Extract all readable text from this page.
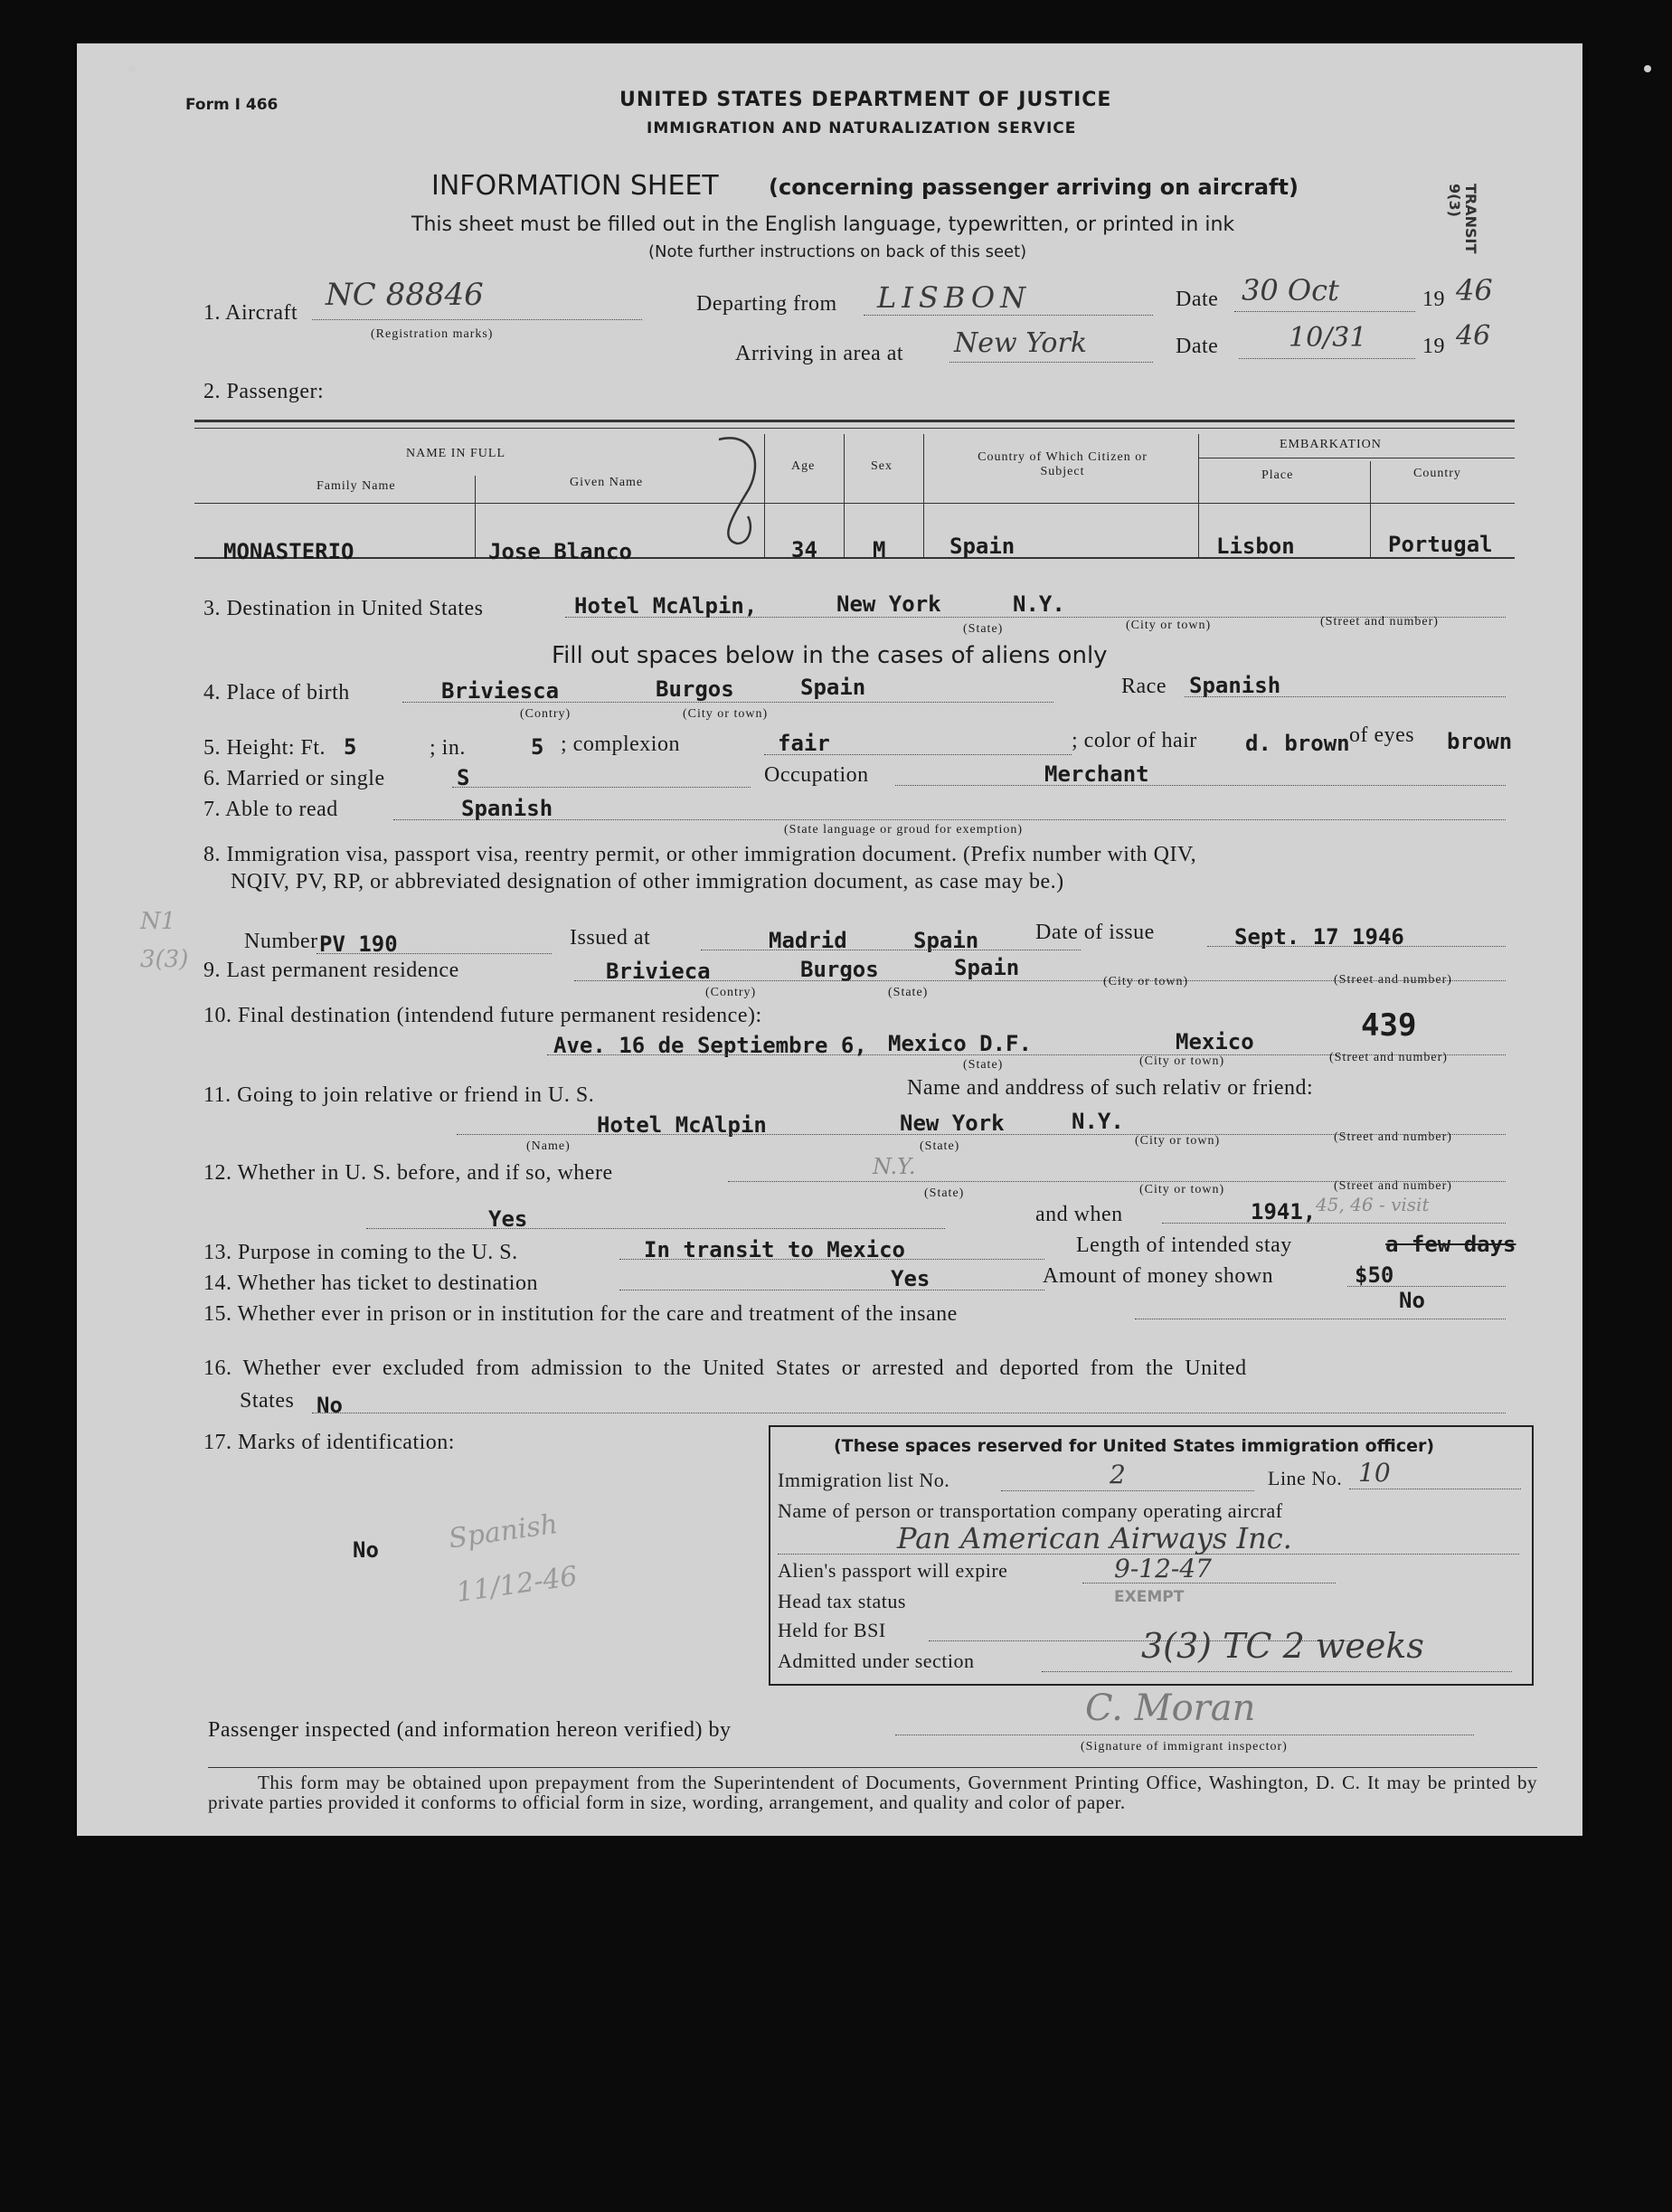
Form I 466	UNITED STATES DEPARTMENT OF JUSTICE
IMMIGRATION AND NATURALIZATION SERVICE
INFORMATION SHEET (concerning passenger arriving on aircraft)
This sheet must be filled out in the English language, typewritten, or printed in ink
(Note further instructions on back of this seet)	TRANSIT
9(3)
1. Aircraft NC 88846
(Registration marks)
Departing from LISBON	Date 30 Oct	19 46
Arriving in area at New York	Date	10/31	19 46
2. Passenger:
NAME IN FULL
Family Name	Given Name
Age	Sex
Country of Which Citizen or Subject
EMBARKATION
Place	Country
MONASTERIO	Jose Blanco	34	M	Spain	Lisbon	Portugal
3. Destination in United States	Hotel McAlpin,	New York	N.Y.
(State)	(City or town)	(Street and number)
Fill out spaces below in the cases of aliens only
4. Place of birth	Briviesca	Burgos	Spain
(Contry)	(City or town)
Race Spanish
5. Height: Ft. 5	; in.	5 ; complexion	fair	; color of hair d. brown of eyes brown
6. Married or single	S	Occupation	Merchant
7. Able to read	Spanish
(State language or groud for exemption)
8. Immigration visa, passport visa, reentry permit, or other immigration document. (Prefix number with QIV,
NQIV, PV, RP, or abbreviated designation of other immigration document, as case may be.)
N1
3(3)
Number PV 190	Issued at	Madrid	Spain	Date of issue	Sept. 17 1946
9. Last permanent residence	Brivieca	Burgos	Spain
(Contry)	(State)
(City or town)	(Street and number)
10. Final destination (intendend future permanent residence):
Ave. 16 de Septiembre 6, Mexico D.F.	Mexico	439
(State)	(City or town)	(Street and number)
11. Going to join relative or friend in U. S.	Name and anddress of such relativ or friend:
Hotel McAlpin	New York	N.Y.
(Name)	(State)	(City or town)	(Street and number)
12. Whether in U. S. before, and if so, where	N.Y.
(State)	(City or town)	(Street and number)
Yes	and when	1941, 45, 46 - visit
13. Purpose in coming to the U. S.	In transit to Mexico	Length of intended stay	a few days
14. Whether has ticket to destination	Yes	Amount of money shown	$50
15. Whether ever in prison or in institution for the care and treatment of the insane
No
16. Whether ever excluded from admission to the United States or arrested and deported from the United
States No
17. Marks of identification:
No	Spanish
11/12-46
(These spaces reserved for United States immigration officer)
Immigration list No.	2	Line No. 10
Name of person or transportation company operating aircraf
Pan American Airways Inc.
Alien's passport will expire	9-12-47
Head tax status	EXEMPT
Held for BSI
Admitted under section	3(3) TC 2 weeks
Passenger inspected (and information hereon verified) by
C. Moran
(Signature of immigrant inspector)
This form may be obtained upon prepayment from the Superintendent of Documents, Government Printing Office, Washington, D. C. It may be printed by private parties provided it conforms to official form in size, wording, arrangement, and quality and color of paper.
